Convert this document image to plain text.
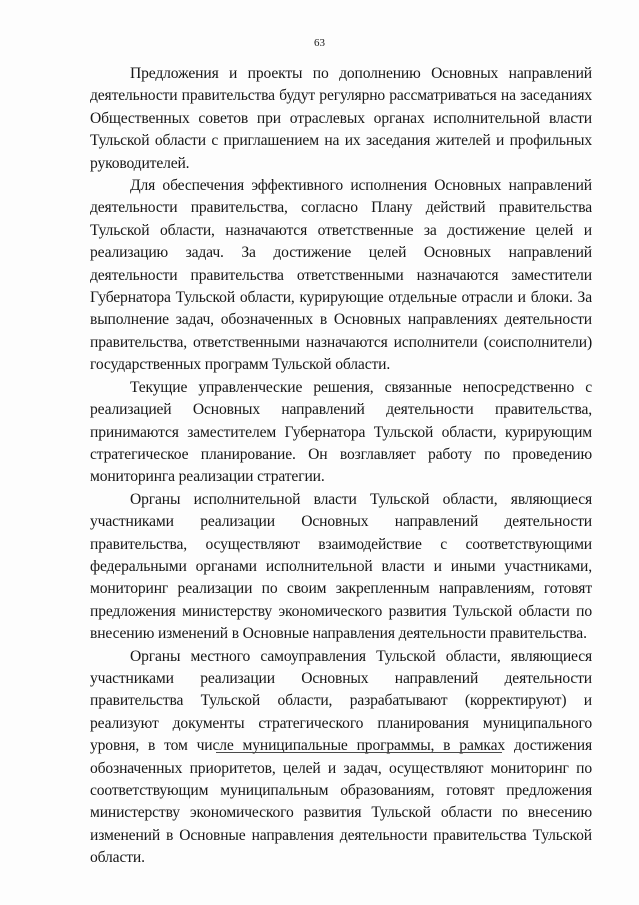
63

Предложения и проекты по дополнению Основных направлений деятельности правительства будут регулярно рассматриваться на заседаниях Общественных советов при отраслевых органах исполнительной власти Тульской области с приглашением на их заседания жителей и профильных руководителей.

Для обеспечения эффективного исполнения Основных направлений деятельности правительства, согласно Плану действий правительства Тульской области, назначаются ответственные за достижение целей и реализацию задач. За достижение целей Основных направлений деятельности правительства ответственными назначаются заместители Губернатора Тульской области, курирующие отдельные отрасли и блоки. За выполнение задач, обозначенных в Основных направлениях деятельности правительства, ответственными назначаются исполнители (соисполнители) государственных программ Тульской области.

Текущие управленческие решения, связанные непосредственно с реализацией Основных направлений деятельности правительства, принимаются заместителем Губернатора Тульской области, курирующим стратегическое планирование. Он возглавляет работу по проведению мониторинга реализации стратегии.

Органы исполнительной власти Тульской области, являющиеся участниками реализации Основных направлений деятельности правительства, осуществляют взаимодействие с соответствующими федеральными органами исполнительной власти и иными участниками, мониторинг реализации по своим закрепленным направлениям, готовят предложения министерству экономического развития Тульской области по внесению изменений в Основные направления деятельности правительства.

Органы местного самоуправления Тульской области, являющиеся участниками реализации Основных направлений деятельности правительства Тульской области, разрабатывают (корректируют) и реализуют документы стратегического планирования муниципального уровня, в том числе муниципальные программы, в рамках достижения обозначенных приоритетов, целей и задач, осуществляют мониторинг по соответствующим муниципальным образованиям, готовят предложения министерству экономического развития Тульской области по внесению изменений в Основные направления деятельности правительства Тульской области.
